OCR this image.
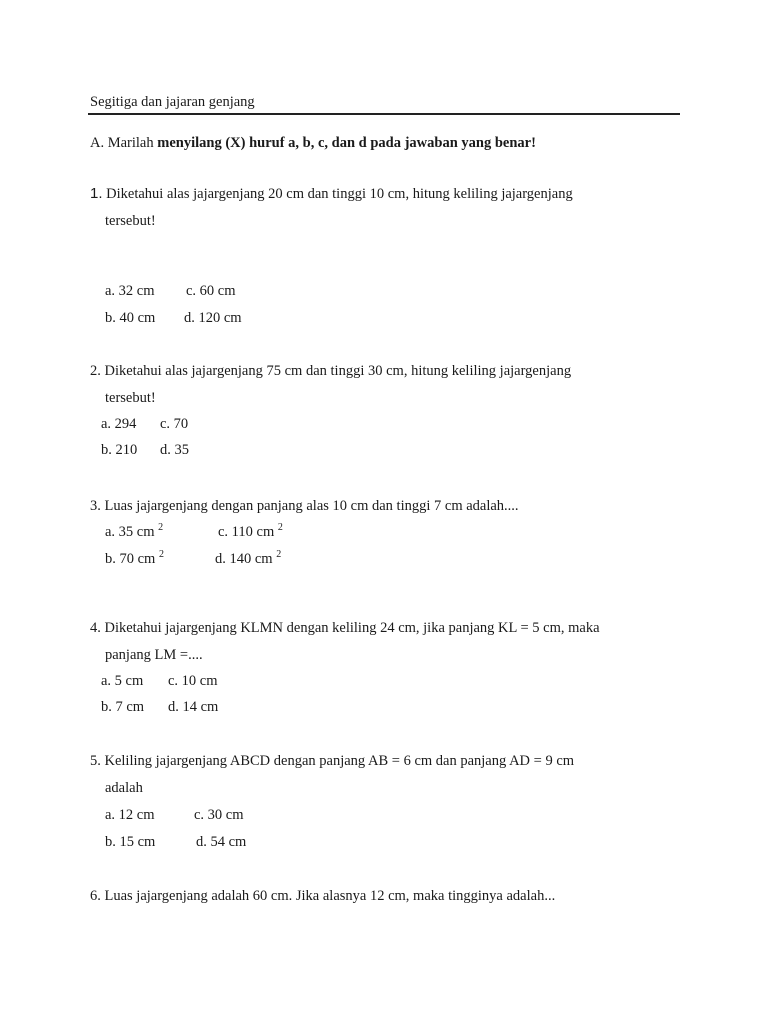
Segitiga dan jajaran genjang
A. Marilah menyilang (X) huruf a, b, c, dan d pada jawaban yang benar!
1. Diketahui alas jajargenjang 20 cm dan tinggi 10 cm, hitung keliling jajargenjang
tersebut!
a. 32 cm c. 60 cm
b. 40 cm d. 120 cm
2. Diketahui alas jajargenjang 75 cm dan tinggi 30 cm, hitung keliling jajargenjang
tersebut!
a. 294 c. 70
b. 210 d. 35
3. Luas jajargenjang dengan panjang alas 10 cm dan tinggi 7 cm adalah....
a. 35 cm $^2$	c. 110 cm $^2$
b. 70 cm $^2$	d. 140 cm $^2$
4. Diketahui jajargenjang KLMN dengan keliling 24 cm, jika panjang KL = 5 cm, maka
panjang LM =....
a. 5 cm c. 10 cm
b. 7 cm d. 14 cm
5. Keliling jajargenjang ABCD dengan panjang AB = 6 cm dan panjang AD = 9 cm
adalah
a. 12 cm	c. 30 cm
b. 15 cm	d. 54 cm
6. Luas jajargenjang adalah 60 cm. Jika alasnya 12 cm, maka tingginya adalah...
